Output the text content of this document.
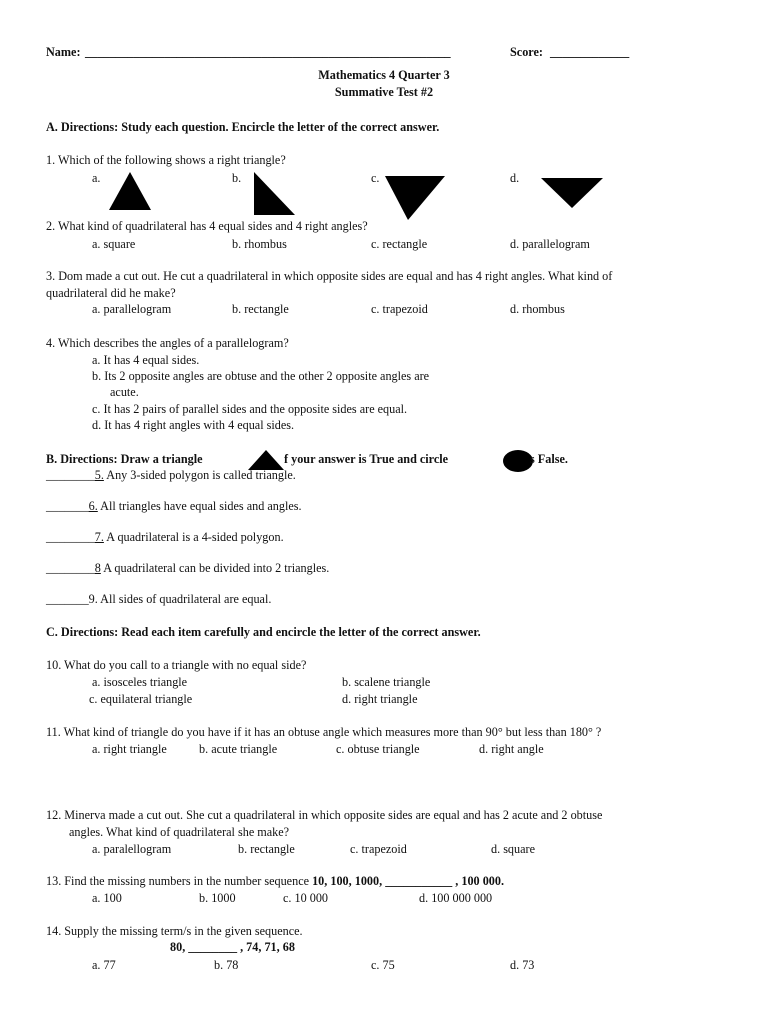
Name: ____________________________________________________________	Score: _____________
Mathematics 4 Quarter 3
Summative Test #2
A. Directions: Study each question. Encircle the letter of the correct answer.
1. Which of the following shows a right triangle?
a.	b.	c.	d.
2. What kind of quadrilateral has 4 equal sides and 4 right angles?
a. square	b. rhombus	c. rectangle	d. parallelogram
3. Dom made a cut out. He cut a quadrilateral in which opposite sides are equal and has 4 right angles. What kind of
quadrilateral did he make?
a. parallelogram	b. rectangle	c. trapezoid	d. rhombus
4. Which describes the angles of a parallelogram?
a. It has 4 equal sides.
b. Its 2 opposite angles are obtuse and the other 2 opposite angles are
acute.
c. It has 2 pairs of parallel sides and the opposite sides are equal.
d. It has 4 right angles with 4 equal sides.
B. Directions: Draw a triangle	f your answer is True and circle	s False.
________5. Any 3-sided polygon is called triangle.
_______6. All triangles have equal sides and angles.
________7. A quadrilateral is a 4-sided polygon.
________8 A quadrilateral can be divided into 2 triangles.
_______9. All sides of quadrilateral are equal.
C. Directions: Read each item carefully and encircle the letter of the correct answer.
10. What do you call to a triangle with no equal side?
a. isosceles triangle	b. scalene triangle
c. equilateral triangle	d. right triangle
11. What kind of triangle do you have if it has an obtuse angle which measures more than 90° but less than 180° ?
a. right triangle	b. acute triangle	c. obtuse triangle	d. right angle
12. Minerva made a cut out. She cut a quadrilateral in which opposite sides are equal and has 2 acute and 2 obtuse
angles. What kind of quadrilateral she make?
a. paralellogram	b. rectangle	c. trapezoid	d. square
13. Find the missing numbers in the number sequence 10, 100, 1000, ___________ , 100 000.
a. 100	b. 1000	c. 10 000	d. 100 000 000
14. Supply the missing term/s in the given sequence.
80, ________ , 74, 71, 68
a. 77	b. 78	c. 75	d. 73
